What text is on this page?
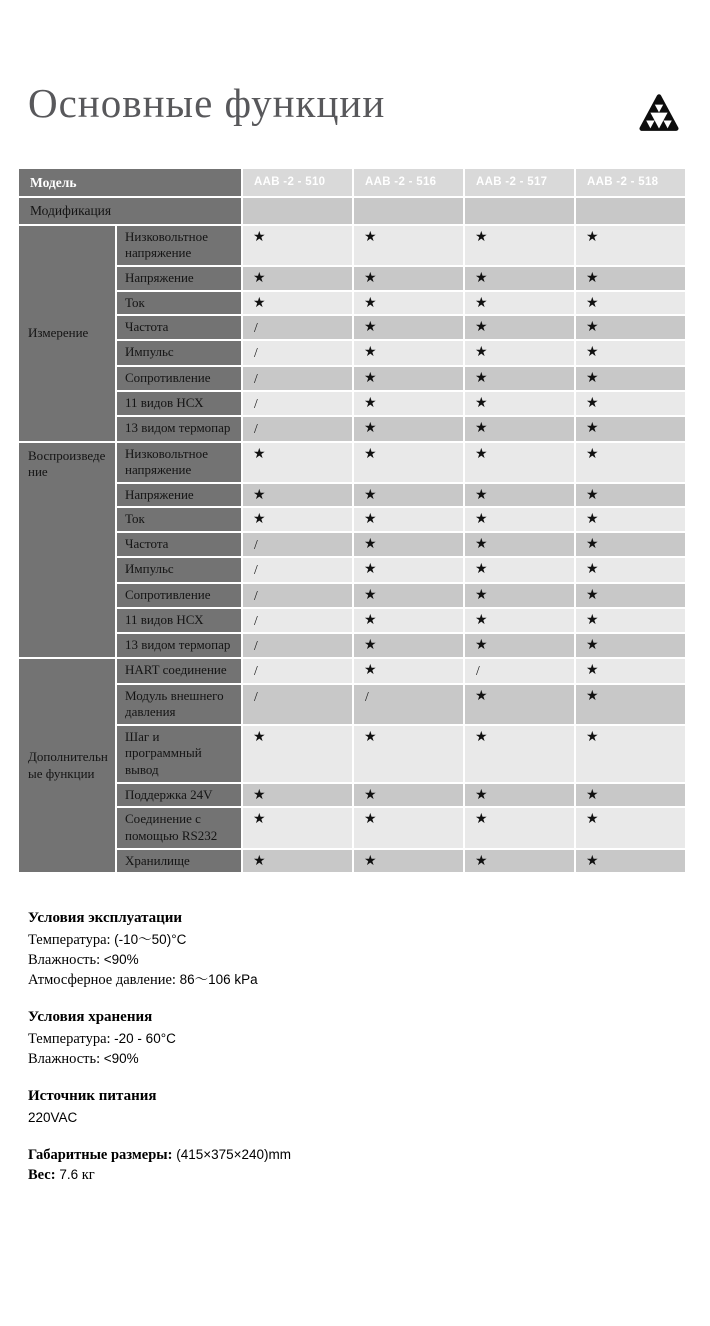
Основные функции
Модель		AAB -2 - 510	AAB -2 - 516	AAB -2 - 517	AAB -2 - 518
Модификация					
Измерение	Низковольтное напряжение	★	★	★	★
	Напряжение	★	★	★	★
	Ток	★	★	★	★
	Частота	/	★	★	★
	Импульс	/	★	★	★
	Сопротивление	/	★	★	★
	11 видов НСХ	/	★	★	★
	13 видом термопар	/	★	★	★
Воспроизведение	Низковольтное напряжение	★	★	★	★
	Напряжение	★	★	★	★
	Ток	★	★	★	★
	Частота	/	★	★	★
	Импульс	/	★	★	★
	Сопротивление	/	★	★	★
	11 видов НСХ	/	★	★	★
	13 видом термопар	/	★	★	★
Дополнительные функции	HART соединение	/	★	/	★
	Модуль внешнего давления	/	/	★	★
	Шаг и программный вывод	★	★	★	★
	Поддержка 24V	★	★	★	★
	Соединение с помощью RS232	★	★	★	★
	Хранилище	★	★	★	★
Условия эксплуатации
Температура: (-10～50)°C
Влажность: <90%
Атмосферное давление: 86～106 kPa
Условия хранения
Температура: -20 - 60°C
Влажность: <90%
Источник питания
220VAC
Габаритные размеры: (415×375×240)mm
Вес: 7.6 кг
